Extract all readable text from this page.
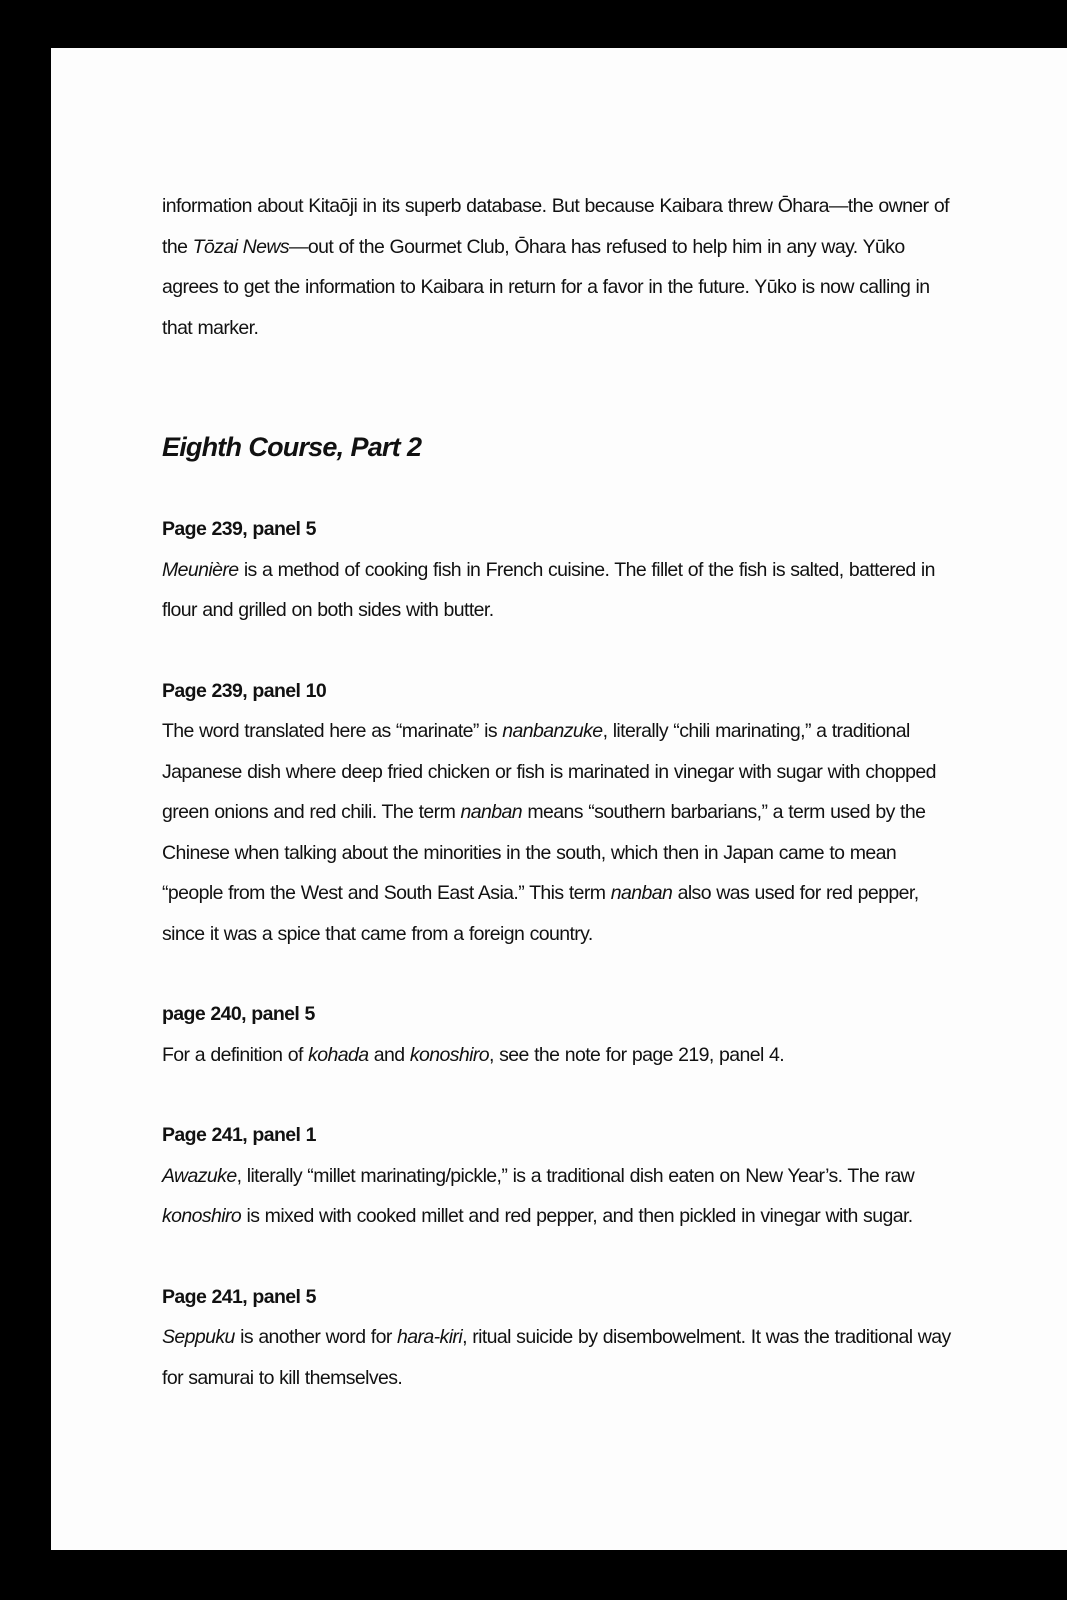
information about Kitaōji in its superb database. But because Kaibara threw Ōhara—the owner of the Tōzai News—out of the Gourmet Club, Ōhara has refused to help him in any way. Yūko agrees to get the information to Kaibara in return for a favor in the future. Yūko is now calling in that marker.

Eighth Course, Part 2

Page 239, panel 5

Meunière is a method of cooking fish in French cuisine. The fillet of the fish is salted, battered in flour and grilled on both sides with butter.

Page 239, panel 10

The word translated here as “marinate” is nanbanzuke, literally “chili marinating,” a traditional Japanese dish where deep fried chicken or fish is marinated in vinegar with sugar with chopped green onions and red chili. The term nanban means “southern barbarians,” a term used by the Chinese when talking about the minorities in the south, which then in Japan came to mean “people from the West and South East Asia.” This term nanban also was used for red pepper, since it was a spice that came from a foreign country.

page 240, panel 5

For a definition of kohada and konoshiro, see the note for page 219, panel 4.

Page 241, panel 1

Awazuke, literally “millet marinating/pickle,” is a traditional dish eaten on New Year’s. The raw konoshiro is mixed with cooked millet and red pepper, and then pickled in vinegar with sugar.

Page 241, panel 5

Seppuku is another word for hara-kiri, ritual suicide by disembowelment. It was the traditional way for samurai to kill themselves.
